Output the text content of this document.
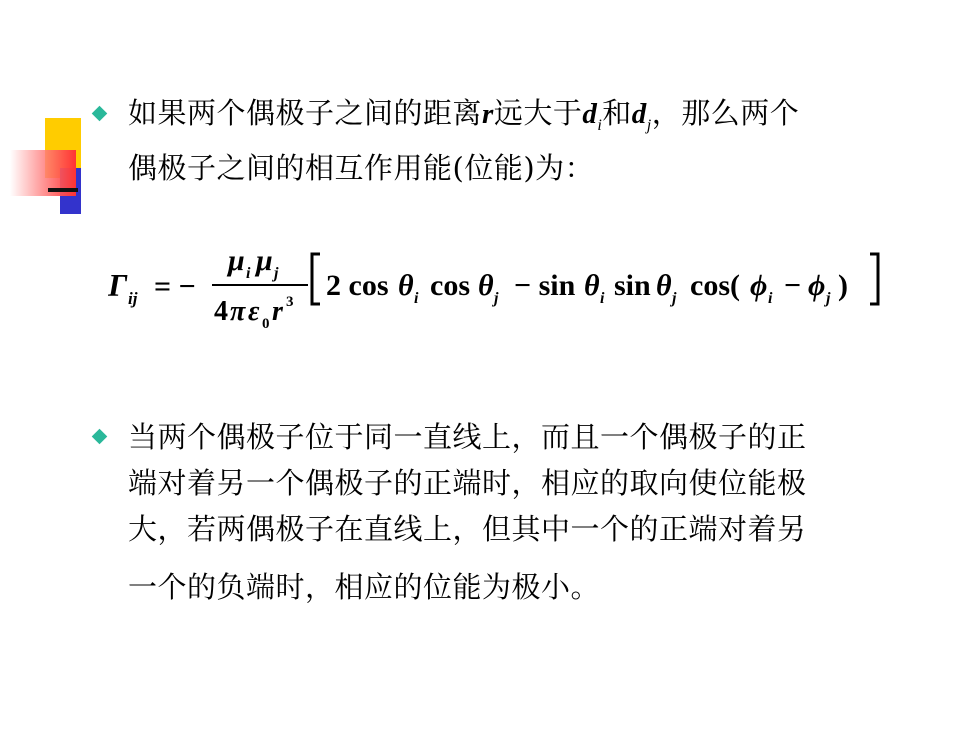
如果两个偶极子之间的距离r远大于$d_i$和$d_j$，那么两个
偶极子之间的相互作用能(位能)为：
Γ ij = −
μ i μ j
4 π ε 0 r 3 2 cos θ i cos θ j − sin θ i sin θ j cos( ϕ i − ϕ j )
当两个偶极子位于同一直线上，而且一个偶极子的正
端对着另一个偶极子的正端时，相应的取向使位能极
大，若两偶极子在直线上，但其中一个的正端对着另
一个的负端时，相应的位能为极小。
